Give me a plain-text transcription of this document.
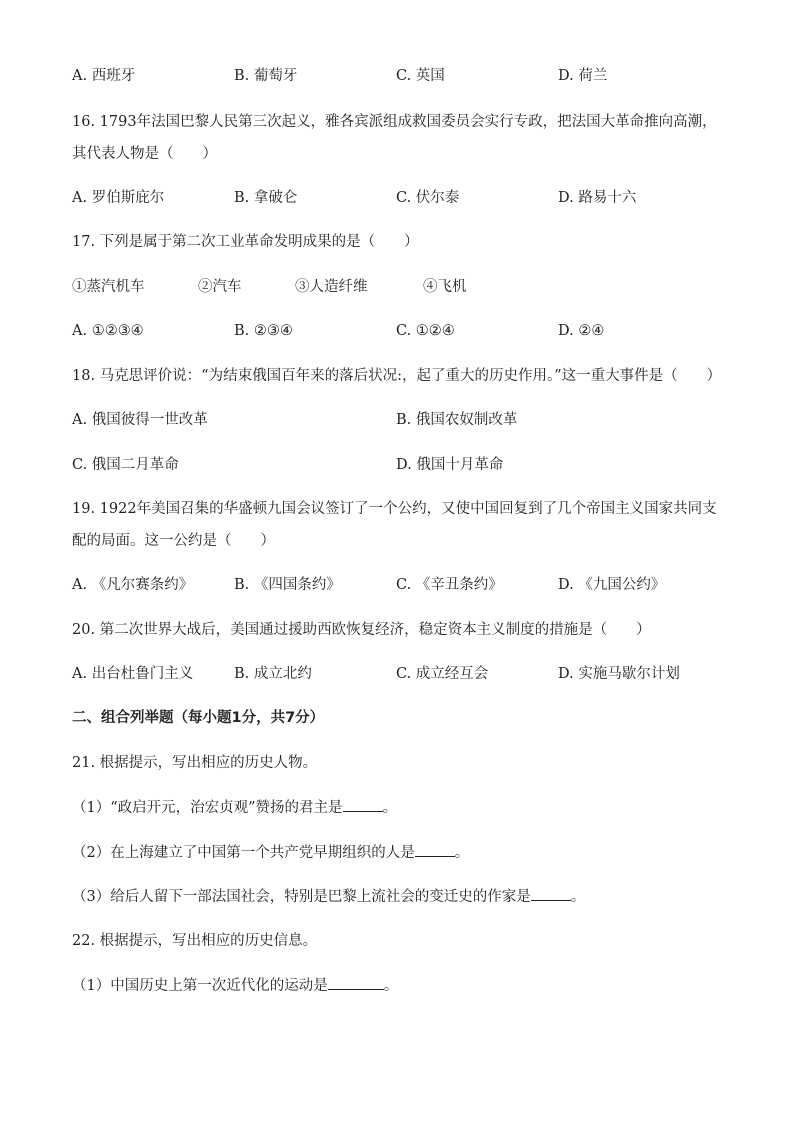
A. 西班牙	B. 葡萄牙	C. 英国	D. 荷兰
16. 1793年法国巴黎人民第三次起义，雅各宾派组成救国委员会实行专政，把法国大革命推向高潮，其代表人物是（　　）
A. 罗伯斯庇尔	B. 拿破仑	C. 伏尔泰	D. 路易十六
17. 下列是属于第二次工业革命发明成果的是（　　）
①蒸汽机车	②汽车	③人造纤维	④飞机
A. ①②③④	B. ②③④	C. ①②④	D. ②④
18. 马克思评价说：“为结束俄国百年来的落后状况:，起了重大的历史作用。”这一重大事件是（　　）
A. 俄国彼得一世改革	B. 俄国农奴制改革
C. 俄国二月革命	D. 俄国十月革命
19. 1922年美国召集的华盛顿九国会议签订了一个公约，又使中国回复到了几个帝国主义国家共同支配的局面。这一公约是（　　）
A. 《凡尔赛条约》	B. 《四国条约》	C. 《辛丑条约》	D. 《九国公约》
20. 第二次世界大战后，美国通过援助西欧恢复经济，稳定资本主义制度的措施是（　　）
A. 出台杜鲁门主义	B. 成立北约	C. 成立经互会	D. 实施马歇尔计划
二、组合列举题（每小题1分，共7分）
21. 根据提示，写出相应的历史人物。
（1）“政启开元，治宏贞观”赞扬的君主是	。
（2）在上海建立了中国第一个共产党早期组织的人是	。
（3）给后人留下一部法国社会，特别是巴黎上流社会的变迁史的作家是	。
22. 根据提示，写出相应的历史信息。
（1）中国历史上第一次近代化的运动是	。
